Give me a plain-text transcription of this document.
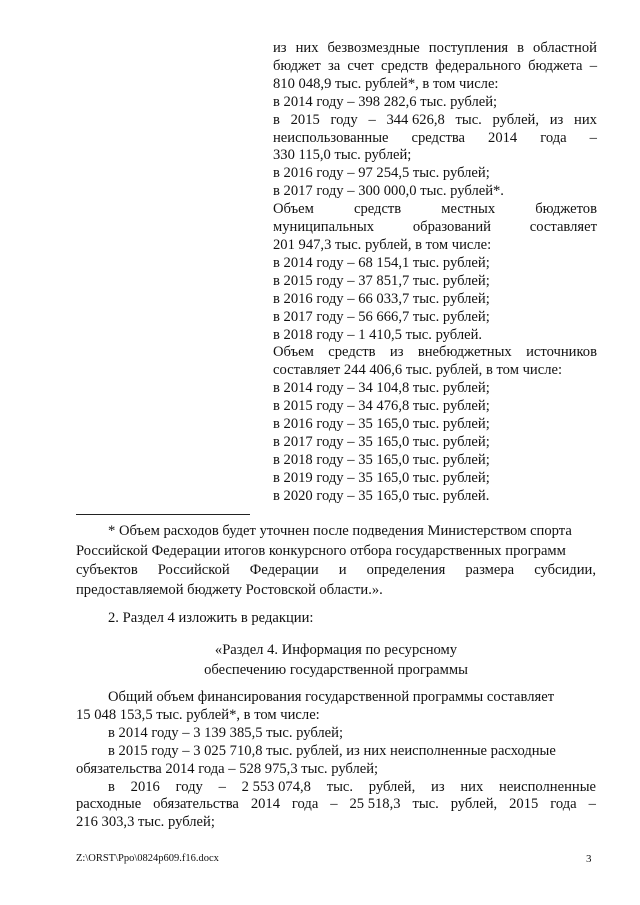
из них безвозмездные поступления в областной
бюджет за счет средств федерального бюджета –
810 048,9 тыс. рублей*, в том числе:
в 2014 году – 398 282,6 тыс. рублей;
в 2015 году – 344 626,8 тыс. рублей, из них
неиспользованные средства 2014 года –
330 115,0 тыс. рублей;
в 2016 году – 97 254,5 тыс. рублей;
в 2017 году – 300 000,0 тыс. рублей*.
Объем	средств	местных	бюджетов
муниципальных	образований	составляет
201 947,3 тыс. рублей, в том числе:
в 2014 году – 68 154,1 тыс. рублей;
в 2015 году – 37 851,7 тыс. рублей;
в 2016 году – 66 033,7 тыс. рублей;
в 2017 году – 56 666,7 тыс. рублей;
в 2018 году – 1 410,5 тыс. рублей.
Объем средств из внебюджетных источников
составляет 244 406,6 тыс. рублей, в том числе:
в 2014 году – 34 104,8 тыс. рублей;
в 2015 году – 34 476,8 тыс. рублей;
в 2016 году – 35 165,0 тыс. рублей;
в 2017 году – 35 165,0 тыс. рублей;
в 2018 году – 35 165,0 тыс. рублей;
в 2019 году – 35 165,0 тыс. рублей;
в 2020 году – 35 165,0 тыс. рублей.
* Объем расходов будет уточнен после подведения Министерством спорта
Российской Федерации итогов конкурсного отбора государственных программ
субъектов Российской Федерации и определения размера субсидии,
предоставляемой бюджету Ростовской области.».
2. Раздел 4 изложить в редакции:
«Раздел 4. Информация по ресурсному
обеспечению государственной программы
Общий объем финансирования государственной программы составляет
15 048 153,5 тыс. рублей*, в том числе:
в 2014 году – 3 139 385,5 тыс. рублей;
в 2015 году – 3 025 710,8 тыс. рублей, из них неисполненные расходные
обязательства 2014 года – 528 975,3 тыс. рублей;
в 2016 году – 2 553 074,8 тыс. рублей, из них неисполненные
расходные обязательства 2014 года – 25 518,3 тыс. рублей, 2015 года –
216 303,3 тыс. рублей;
Z:\ORST\Ppo\0824p609.f16.docx	3
